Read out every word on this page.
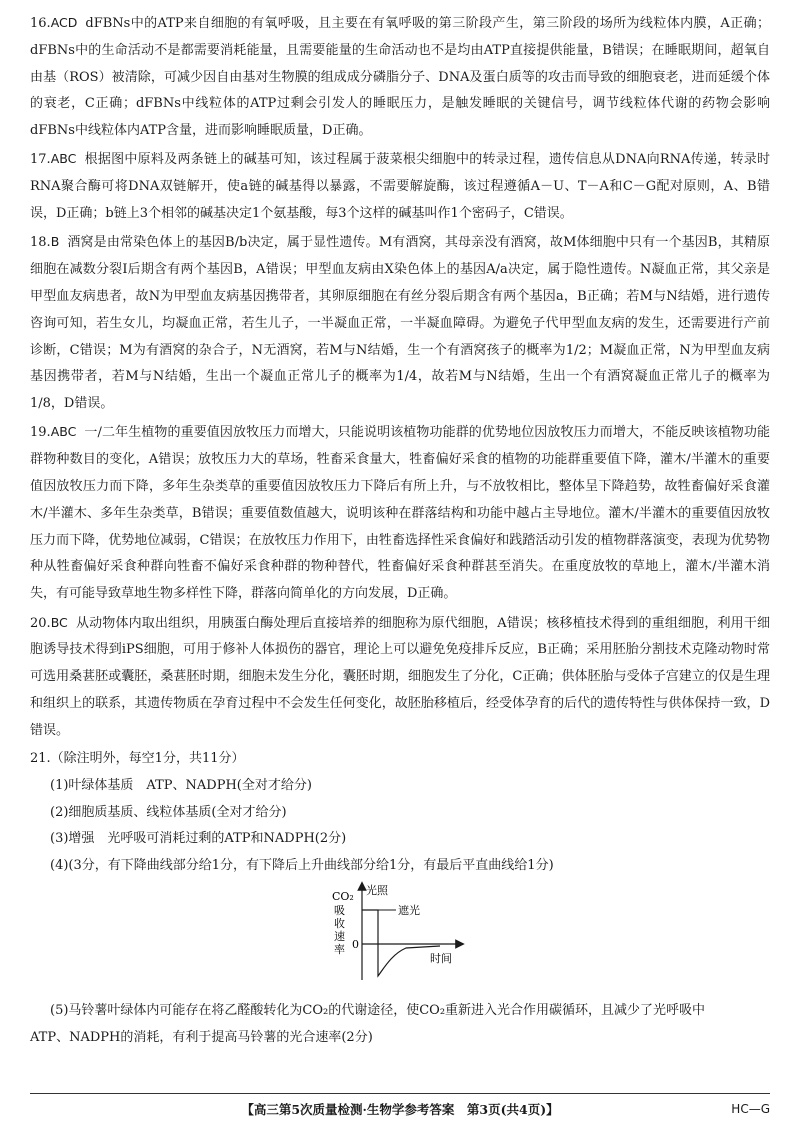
16.ACD dFBNs中的ATP来自细胞的有氧呼吸，且主要在有氧呼吸的第三阶段产生，第三阶段的场所为线粒体内膜，A正确；dFBNs中的生命活动不是都需要消耗能量，且需要能量的生命活动也不是均由ATP直接提供能量，B错误；在睡眠期间，超氧自由基（ROS）被清除，可减少因自由基对生物膜的组成成分磷脂分子、DNA及蛋白质等的攻击而导致的细胞衰老，进而延缓个体的衰老，C正确；dFBNs中线粒体的ATP过剩会引发人的睡眠压力，是触发睡眠的关键信号，调节线粒体代谢的药物会影响dFBNs中线粒体内ATP含量，进而影响睡眠质量，D正确。

17.ABC 根据图中原料及两条链上的碱基可知，该过程属于菠菜根尖细胞中的转录过程，遗传信息从DNA向RNA传递，转录时RNA聚合酶可将DNA双链解开，使a链的碱基得以暴露，不需要解旋酶，该过程遵循A－U、T－A和C－G配对原则，A、B错误，D正确；b链上3个相邻的碱基决定1个氨基酸，每3个这样的碱基叫作1个密码子，C错误。

18.B 酒窝是由常染色体上的基因B/b决定，属于显性遗传。M有酒窝，其母亲没有酒窝，故M体细胞中只有一个基因B，其精原细胞在减数分裂Ⅰ后期含有两个基因B，A错误；甲型血友病由X染色体上的基因A/a决定，属于隐性遗传。N凝血正常，其父亲是甲型血友病患者，故N为甲型血友病基因携带者，其卵原细胞在有丝分裂后期含有两个基因a，B正确；若M与N结婚，进行遗传咨询可知，若生女儿，均凝血正常，若生儿子，一半凝血正常，一半凝血障碍。为避免子代甲型血友病的发生，还需要进行产前诊断，C错误；M为有酒窝的杂合子，N无酒窝，若M与N结婚，生一个有酒窝孩子的概率为1/2；M凝血正常，N为甲型血友病基因携带者，若M与N结婚，生出一个凝血正常儿子的概率为1/4，故若M与N结婚，生出一个有酒窝凝血正常儿子的概率为1/8，D错误。

19.ABC 一/二年生植物的重要值因放牧压力而增大，只能说明该植物功能群的优势地位因放牧压力而增大，不能反映该植物功能群物种数目的变化，A错误；放牧压力大的草场，牲畜采食量大，牲畜偏好采食的植物的功能群重要值下降，灌木/半灌木的重要值因放牧压力而下降，多年生杂类草的重要值因放牧压力下降后有所上升，与不放牧相比，整体呈下降趋势，故牲畜偏好采食灌木/半灌木、多年生杂类草，B错误；重要值数值越大，说明该种在群落结构和功能中越占主导地位。灌木/半灌木的重要值因放牧压力而下降，优势地位减弱，C错误；在放牧压力作用下，由牲畜选择性采食偏好和践踏活动引发的植物群落演变，表现为优势物种从牲畜偏好采食种群向牲畜不偏好采食种群的物种替代，牲畜偏好采食种群甚至消失。在重度放牧的草地上，灌木/半灌木消失，有可能导致草地生物多样性下降，群落向简单化的方向发展，D正确。

20.BC 从动物体内取出组织，用胰蛋白酶处理后直接培养的细胞称为原代细胞，A错误；核移植技术得到的重组细胞，利用干细胞诱导技术得到iPS细胞，可用于修补人体损伤的器官，理论上可以避免免疫排斥反应，B正确；采用胚胎分割技术克隆动物时常可选用桑葚胚或囊胚，桑葚胚时期，细胞未发生分化，囊胚时期，细胞发生了分化，C正确；供体胚胎与受体子宫建立的仅是生理和组织上的联系，其遗传物质在孕育过程中不会发生任何变化，故胚胎移植后，经受体孕育的后代的遗传特性与供体保持一致，D错误。

21.（除注明外，每空1分，共11分）

(1)叶绿体基质　ATP、NADPH(全对才给分)

(2)细胞质基质、线粒体基质(全对才给分)

(3)增强　光呼吸可消耗过剩的ATP和NADPH(2分)

(4)(3分，有下降曲线部分给1分，有下降后上升曲线部分给1分，有最后平直曲线给1分)

CO₂
吸
收
速
率 0
光照
遮光
时间

(5)马铃薯叶绿体内可能存在将乙醛酸转化为CO₂的代谢途径，使CO₂重新进入光合作用碳循环，且减少了光呼吸中

ATP、NADPH的消耗，有利于提高马铃薯的光合速率(2分)

【高三第5次质量检测·生物学参考答案　第3页(共4页)】	HC—G
